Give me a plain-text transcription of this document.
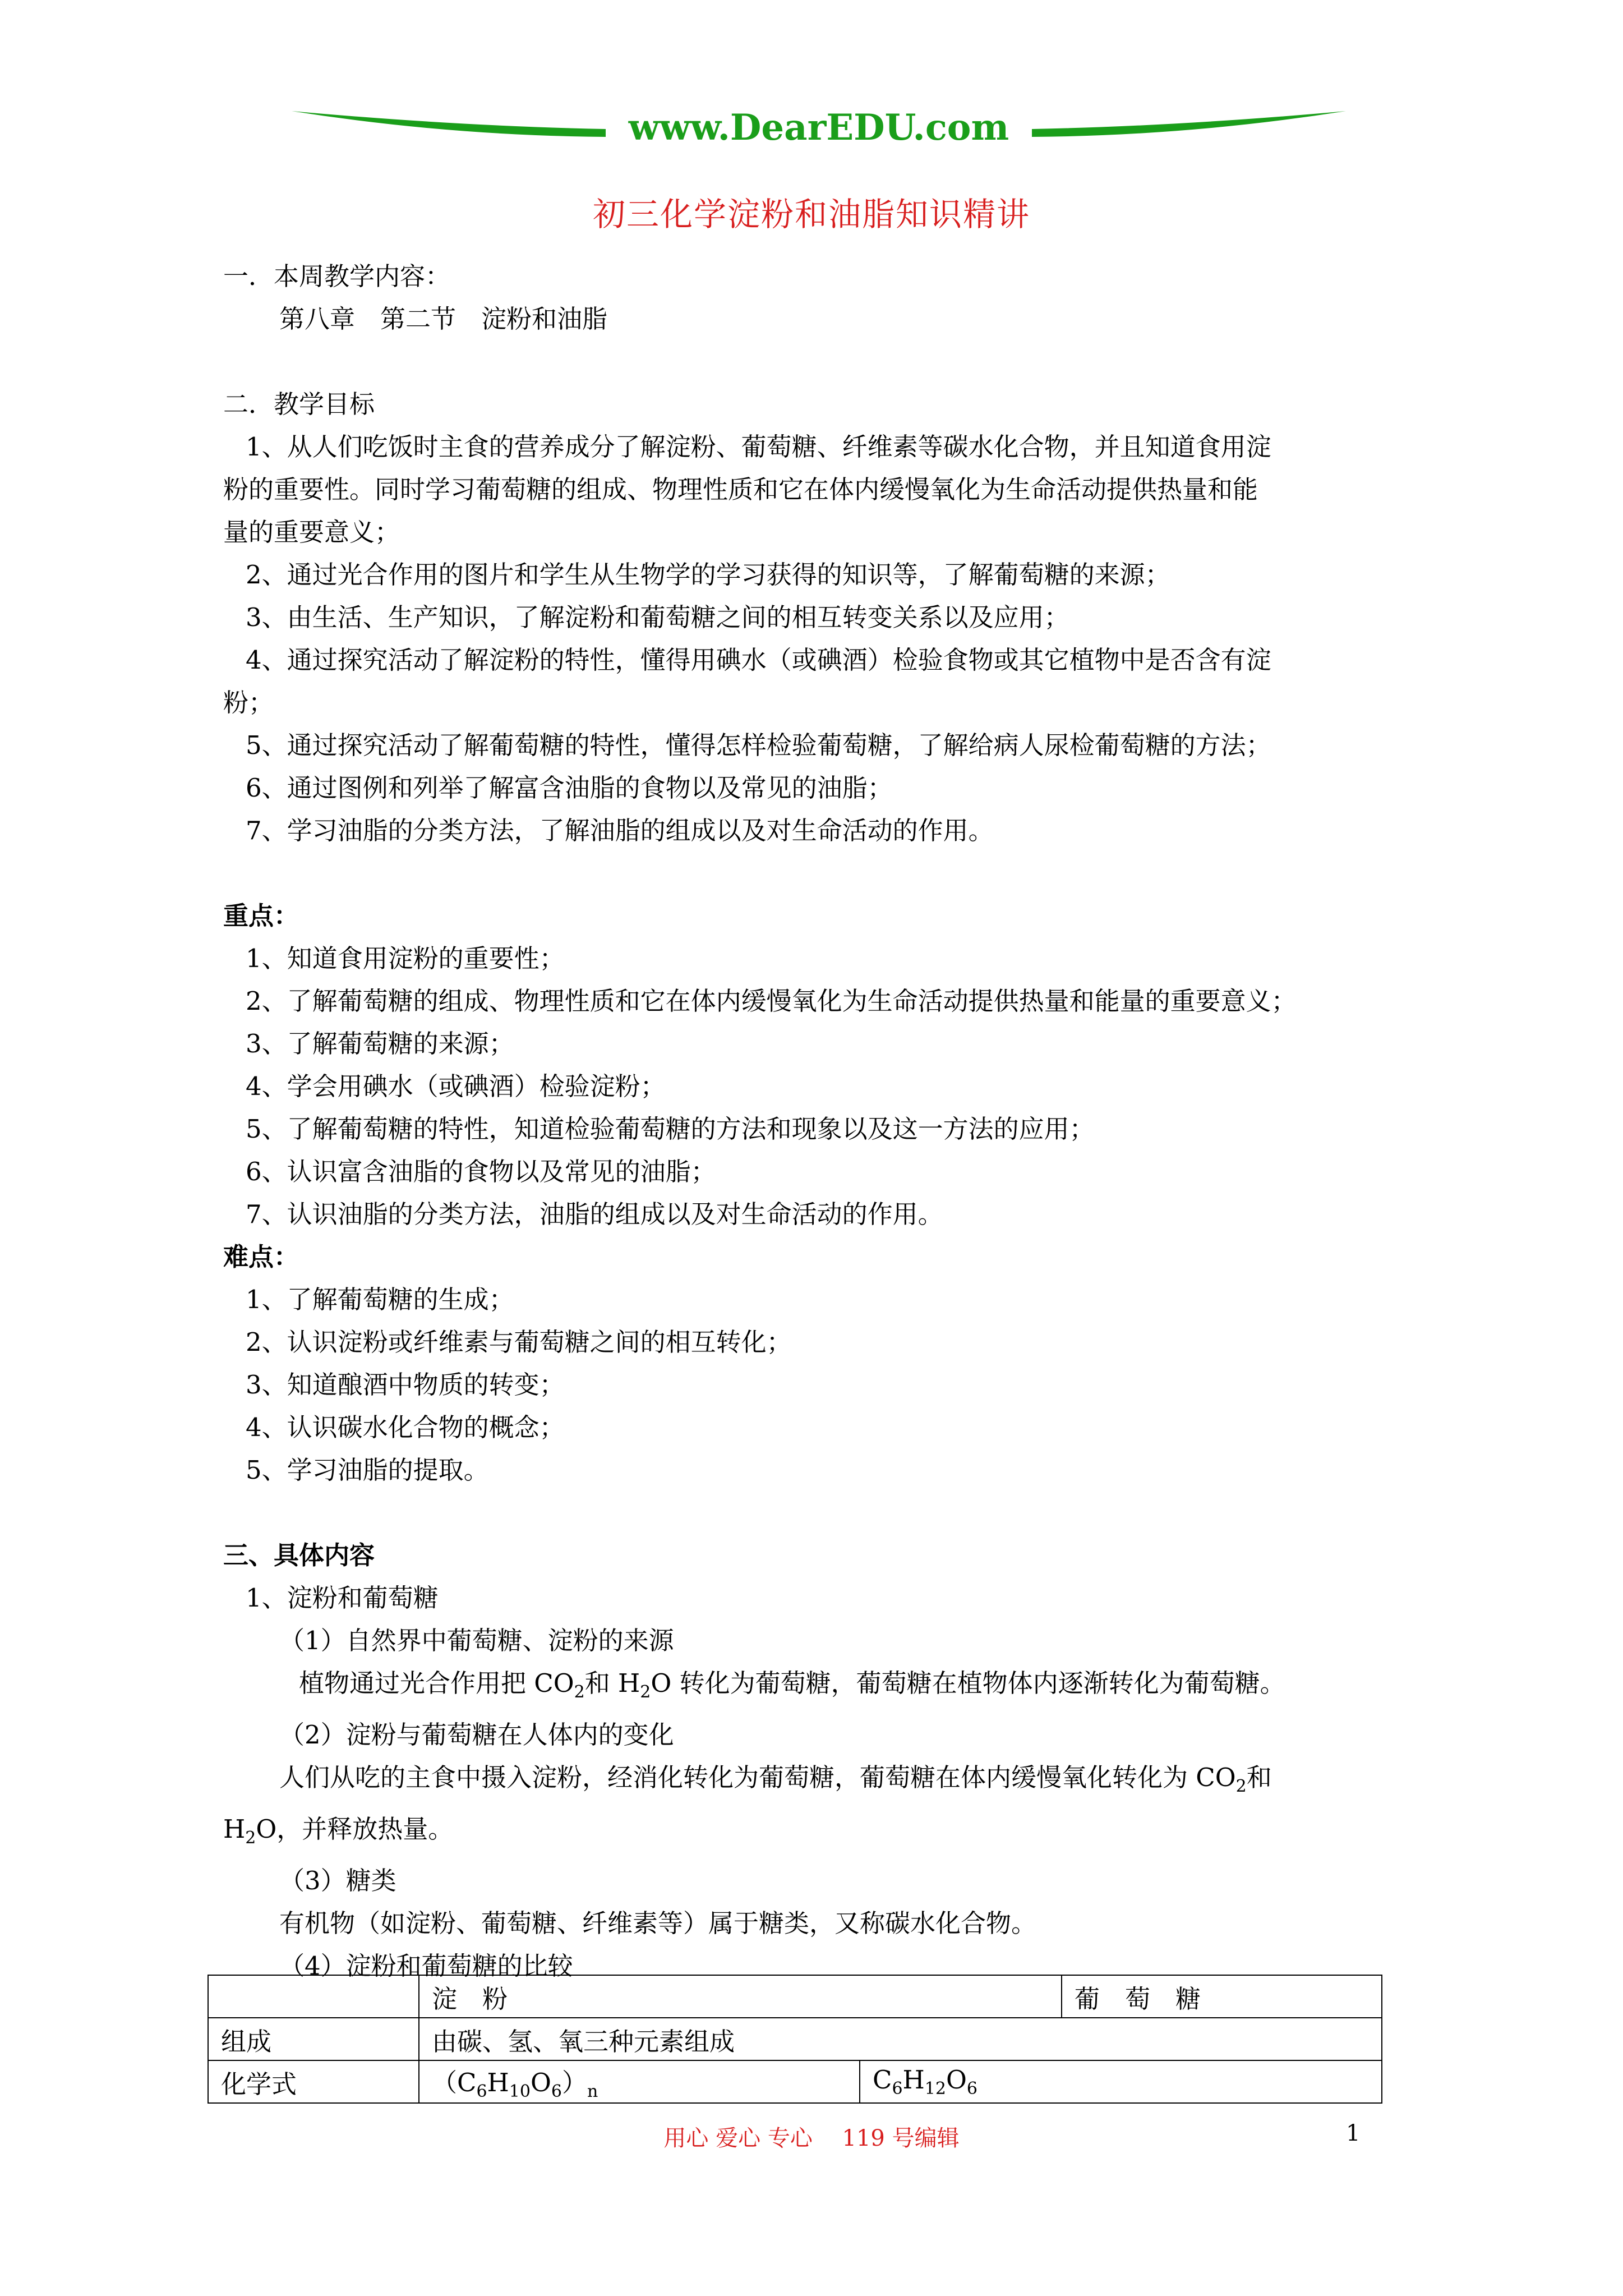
www.DearEDU.com
初三化学淀粉和油脂知识精讲

一．本周教学内容：

第八章　第二节　淀粉和油脂

二．教学目标

1、从人们吃饭时主食的营养成分了解淀粉、葡萄糖、纤维素等碳水化合物，并且知道食用淀

粉的重要性。同时学习葡萄糖的组成、物理性质和它在体内缓慢氧化为生命活动提供热量和能

量的重要意义；

2、通过光合作用的图片和学生从生物学的学习获得的知识等，了解葡萄糖的来源；

3、由生活、生产知识，了解淀粉和葡萄糖之间的相互转变关系以及应用；

4、通过探究活动了解淀粉的特性，懂得用碘水（或碘酒）检验食物或其它植物中是否含有淀

粉；

5、通过探究活动了解葡萄糖的特性，懂得怎样检验葡萄糖，了解给病人尿检葡萄糖的方法；

6、通过图例和列举了解富含油脂的食物以及常见的油脂；

7、学习油脂的分类方法，了解油脂的组成以及对生命活动的作用。

重点：

1、知道食用淀粉的重要性；

2、了解葡萄糖的组成、物理性质和它在体内缓慢氧化为生命活动提供热量和能量的重要意义；

3、了解葡萄糖的来源；

4、学会用碘水（或碘酒）检验淀粉；

5、了解葡萄糖的特性，知道检验葡萄糖的方法和现象以及这一方法的应用；

6、认识富含油脂的食物以及常见的油脂；

7、认识油脂的分类方法，油脂的组成以及对生命活动的作用。

难点：

1、了解葡萄糖的生成；

2、认识淀粉或纤维素与葡萄糖之间的相互转化；

3、知道酿酒中物质的转变；

4、认识碳水化合物的概念；

5、学习油脂的提取。

三、具体内容

1、淀粉和葡萄糖

（1）自然界中葡萄糖、淀粉的来源

植物通过光合作用把 $CO_2$和 $H_2O$ 转化为葡萄糖，葡萄糖在植物体内逐渐转化为葡萄糖。

（2）淀粉与葡萄糖在人体内的变化

人们从吃的主食中摄入淀粉，经消化转化为葡萄糖，葡萄糖在体内缓慢氧化转化为 $CO_2$和

$H_2O$，并释放热量。

（3）糖类

有机物（如淀粉、葡萄糖、纤维素等）属于糖类，又称碳水化合物。

（4）淀粉和葡萄糖的比较

	淀　粉		葡　萄　糖
组成	由碳、氢、氧三种元素组成		
化学式	$(C_6H_{10}O_6)_n$	$C_6H_{12}O_6$
用心 爱心 专心　 119 号编辑	1
